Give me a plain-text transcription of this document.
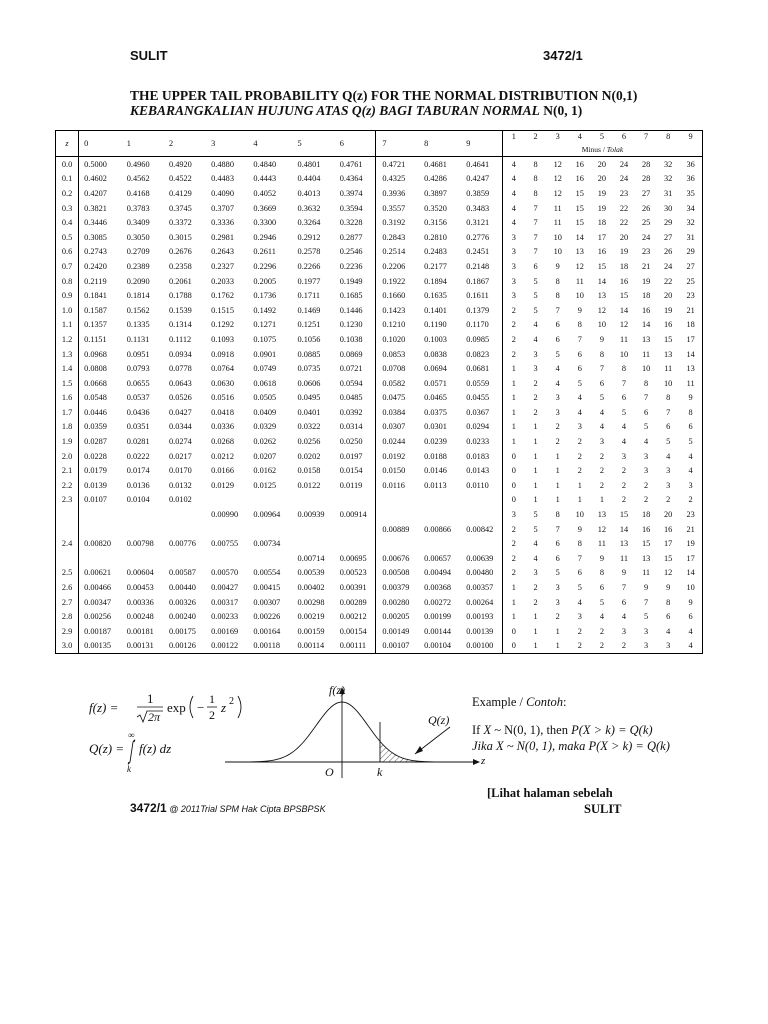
SULIT	3472/1
THE UPPER TAIL PROBABILITY Q(z) FOR THE NORMAL DISTRIBUTION N(0,1)
KEBARANGKALIAN HUJUNG ATAS Q(z) BAGI TABURAN NORMAL N(0, 1)
z	0	1	2	3	4	5	6	7	8	9	1	2	3	4	5	6	7	8	9
											Minus / Tolak								
0.0	0.5000	0.4960	0.4920	0.4880	0.4840	0.4801	0.4761	0.4721	0.4681	0.4641	4	8	12	16	20	24	28	32	36
0.1	0.4602	0.4562	0.4522	0.4483	0.4443	0.4404	0.4364	0.4325	0.4286	0.4247	4	8	12	16	20	24	28	32	36
0.2	0.4207	0.4168	0.4129	0.4090	0.4052	0.4013	0.3974	0.3936	0.3897	0.3859	4	8	12	15	19	23	27	31	35
0.3	0.3821	0.3783	0.3745	0.3707	0.3669	0.3632	0.3594	0.3557	0.3520	0.3483	4	7	11	15	19	22	26	30	34
0.4	0.3446	0.3409	0.3372	0.3336	0.3300	0.3264	0.3228	0.3192	0.3156	0.3121	4	7	11	15	18	22	25	29	32
0.5	0.3085	0.3050	0.3015	0.2981	0.2946	0.2912	0.2877	0.2843	0.2810	0.2776	3	7	10	14	17	20	24	27	31
0.6	0.2743	0.2709	0.2676	0.2643	0.2611	0.2578	0.2546	0.2514	0.2483	0.2451	3	7	10	13	16	19	23	26	29
0.7	0.2420	0.2389	0.2358	0.2327	0.2296	0.2266	0.2236	0.2206	0.2177	0.2148	3	6	9	12	15	18	21	24	27
0.8	0.2119	0.2090	0.2061	0.2033	0.2005	0.1977	0.1949	0.1922	0.1894	0.1867	3	5	8	11	14	16	19	22	25
0.9	0.1841	0.1814	0.1788	0.1762	0.1736	0.1711	0.1685	0.1660	0.1635	0.1611	3	5	8	10	13	15	18	20	23
1.0	0.1587	0.1562	0.1539	0.1515	0.1492	0.1469	0.1446	0.1423	0.1401	0.1379	2	5	7	9	12	14	16	19	21
1.1	0.1357	0.1335	0.1314	0.1292	0.1271	0.1251	0.1230	0.1210	0.1190	0.1170	2	4	6	8	10	12	14	16	18
1.2	0.1151	0.1131	0.1112	0.1093	0.1075	0.1056	0.1038	0.1020	0.1003	0.0985	2	4	6	7	9	11	13	15	17
1.3	0.0968	0.0951	0.0934	0.0918	0.0901	0.0885	0.0869	0.0853	0.0838	0.0823	2	3	5	6	8	10	11	13	14
1.4	0.0808	0.0793	0.0778	0.0764	0.0749	0.0735	0.0721	0.0708	0.0694	0.0681	1	3	4	6	7	8	10	11	13
1.5	0.0668	0.0655	0.0643	0.0630	0.0618	0.0606	0.0594	0.0582	0.0571	0.0559	1	2	4	5	6	7	8	10	11
1.6	0.0548	0.0537	0.0526	0.0516	0.0505	0.0495	0.0485	0.0475	0.0465	0.0455	1	2	3	4	5	6	7	8	9
1.7	0.0446	0.0436	0.0427	0.0418	0.0409	0.0401	0.0392	0.0384	0.0375	0.0367	1	2	3	4	4	5	6	7	8
1.8	0.0359	0.0351	0.0344	0.0336	0.0329	0.0322	0.0314	0.0307	0.0301	0.0294	1	1	2	3	4	4	5	6	6
1.9	0.0287	0.0281	0.0274	0.0268	0.0262	0.0256	0.0250	0.0244	0.0239	0.0233	1	1	2	2	3	4	4	5	5
2.0	0.0228	0.0222	0.0217	0.0212	0.0207	0.0202	0.0197	0.0192	0.0188	0.0183	0	1	1	2	2	3	3	4	4
2.1	0.0179	0.0174	0.0170	0.0166	0.0162	0.0158	0.0154	0.0150	0.0146	0.0143	0	1	1	2	2	2	3	3	4
2.2	0.0139	0.0136	0.0132	0.0129	0.0125	0.0122	0.0119	0.0116	0.0113	0.0110	0	1	1	1	2	2	2	3	3
2.3	0.0107	0.0104	0.0102								0	1	1	1	1	2	2	2	2
				0.00990	0.00964	0.00939	0.00914				3	5	8	10	13	15	18	20	23
								0.00889	0.00866	0.00842	2	5	7	9	12	14	16	16	21
2.4	0.00820	0.00798	0.00776	0.00755	0.00734						2	4	6	8	11	13	15	17	19
						0.00714	0.00695	0.00676	0.00657	0.00639	2	4	6	7	9	11	13	15	17
2.5	0.00621	0.00604	0.00587	0.00570	0.00554	0.00539	0.00523	0.00508	0.00494	0.00480	2	3	5	6	8	9	11	12	14
2.6	0.00466	0.00453	0.00440	0.00427	0.00415	0.00402	0.00391	0.00379	0.00368	0.00357	1	2	3	5	6	7	9	9	10
2.7	0.00347	0.00336	0.00326	0.00317	0.00307	0.00298	0.00289	0.00280	0.00272	0.00264	1	2	3	4	5	6	7	8	9
2.8	0.00256	0.00248	0.00240	0.00233	0.00226	0.00219	0.00212	0.00205	0.00199	0.00193	1	1	2	3	4	4	5	6	6
2.9	0.00187	0.00181	0.00175	0.00169	0.00164	0.00159	0.00154	0.00149	0.00144	0.00139	0	1	1	2	2	3	3	4	4
3.0	0.00135	0.00131	0.00126	0.00122	0.00118	0.00114	0.00111	0.00107	0.00104	0.00100	0	1	1	2	2	2	3	3	4
f(z) =
1
2π
exp −
1
2 z 2
Q(z) =
∞
k
f(z) dz
f(z)
Q(z)
O	k
z
Example / Contoh:
If X ~ N(0, 1), then P(X > k) = Q(k)
Jika X ~ N(0, 1), maka P(X > k) = Q(k)
[Lihat halaman sebelah
SULIT
3472/1 @ 2011Trial SPM Hak Cipta BPSBPSK
